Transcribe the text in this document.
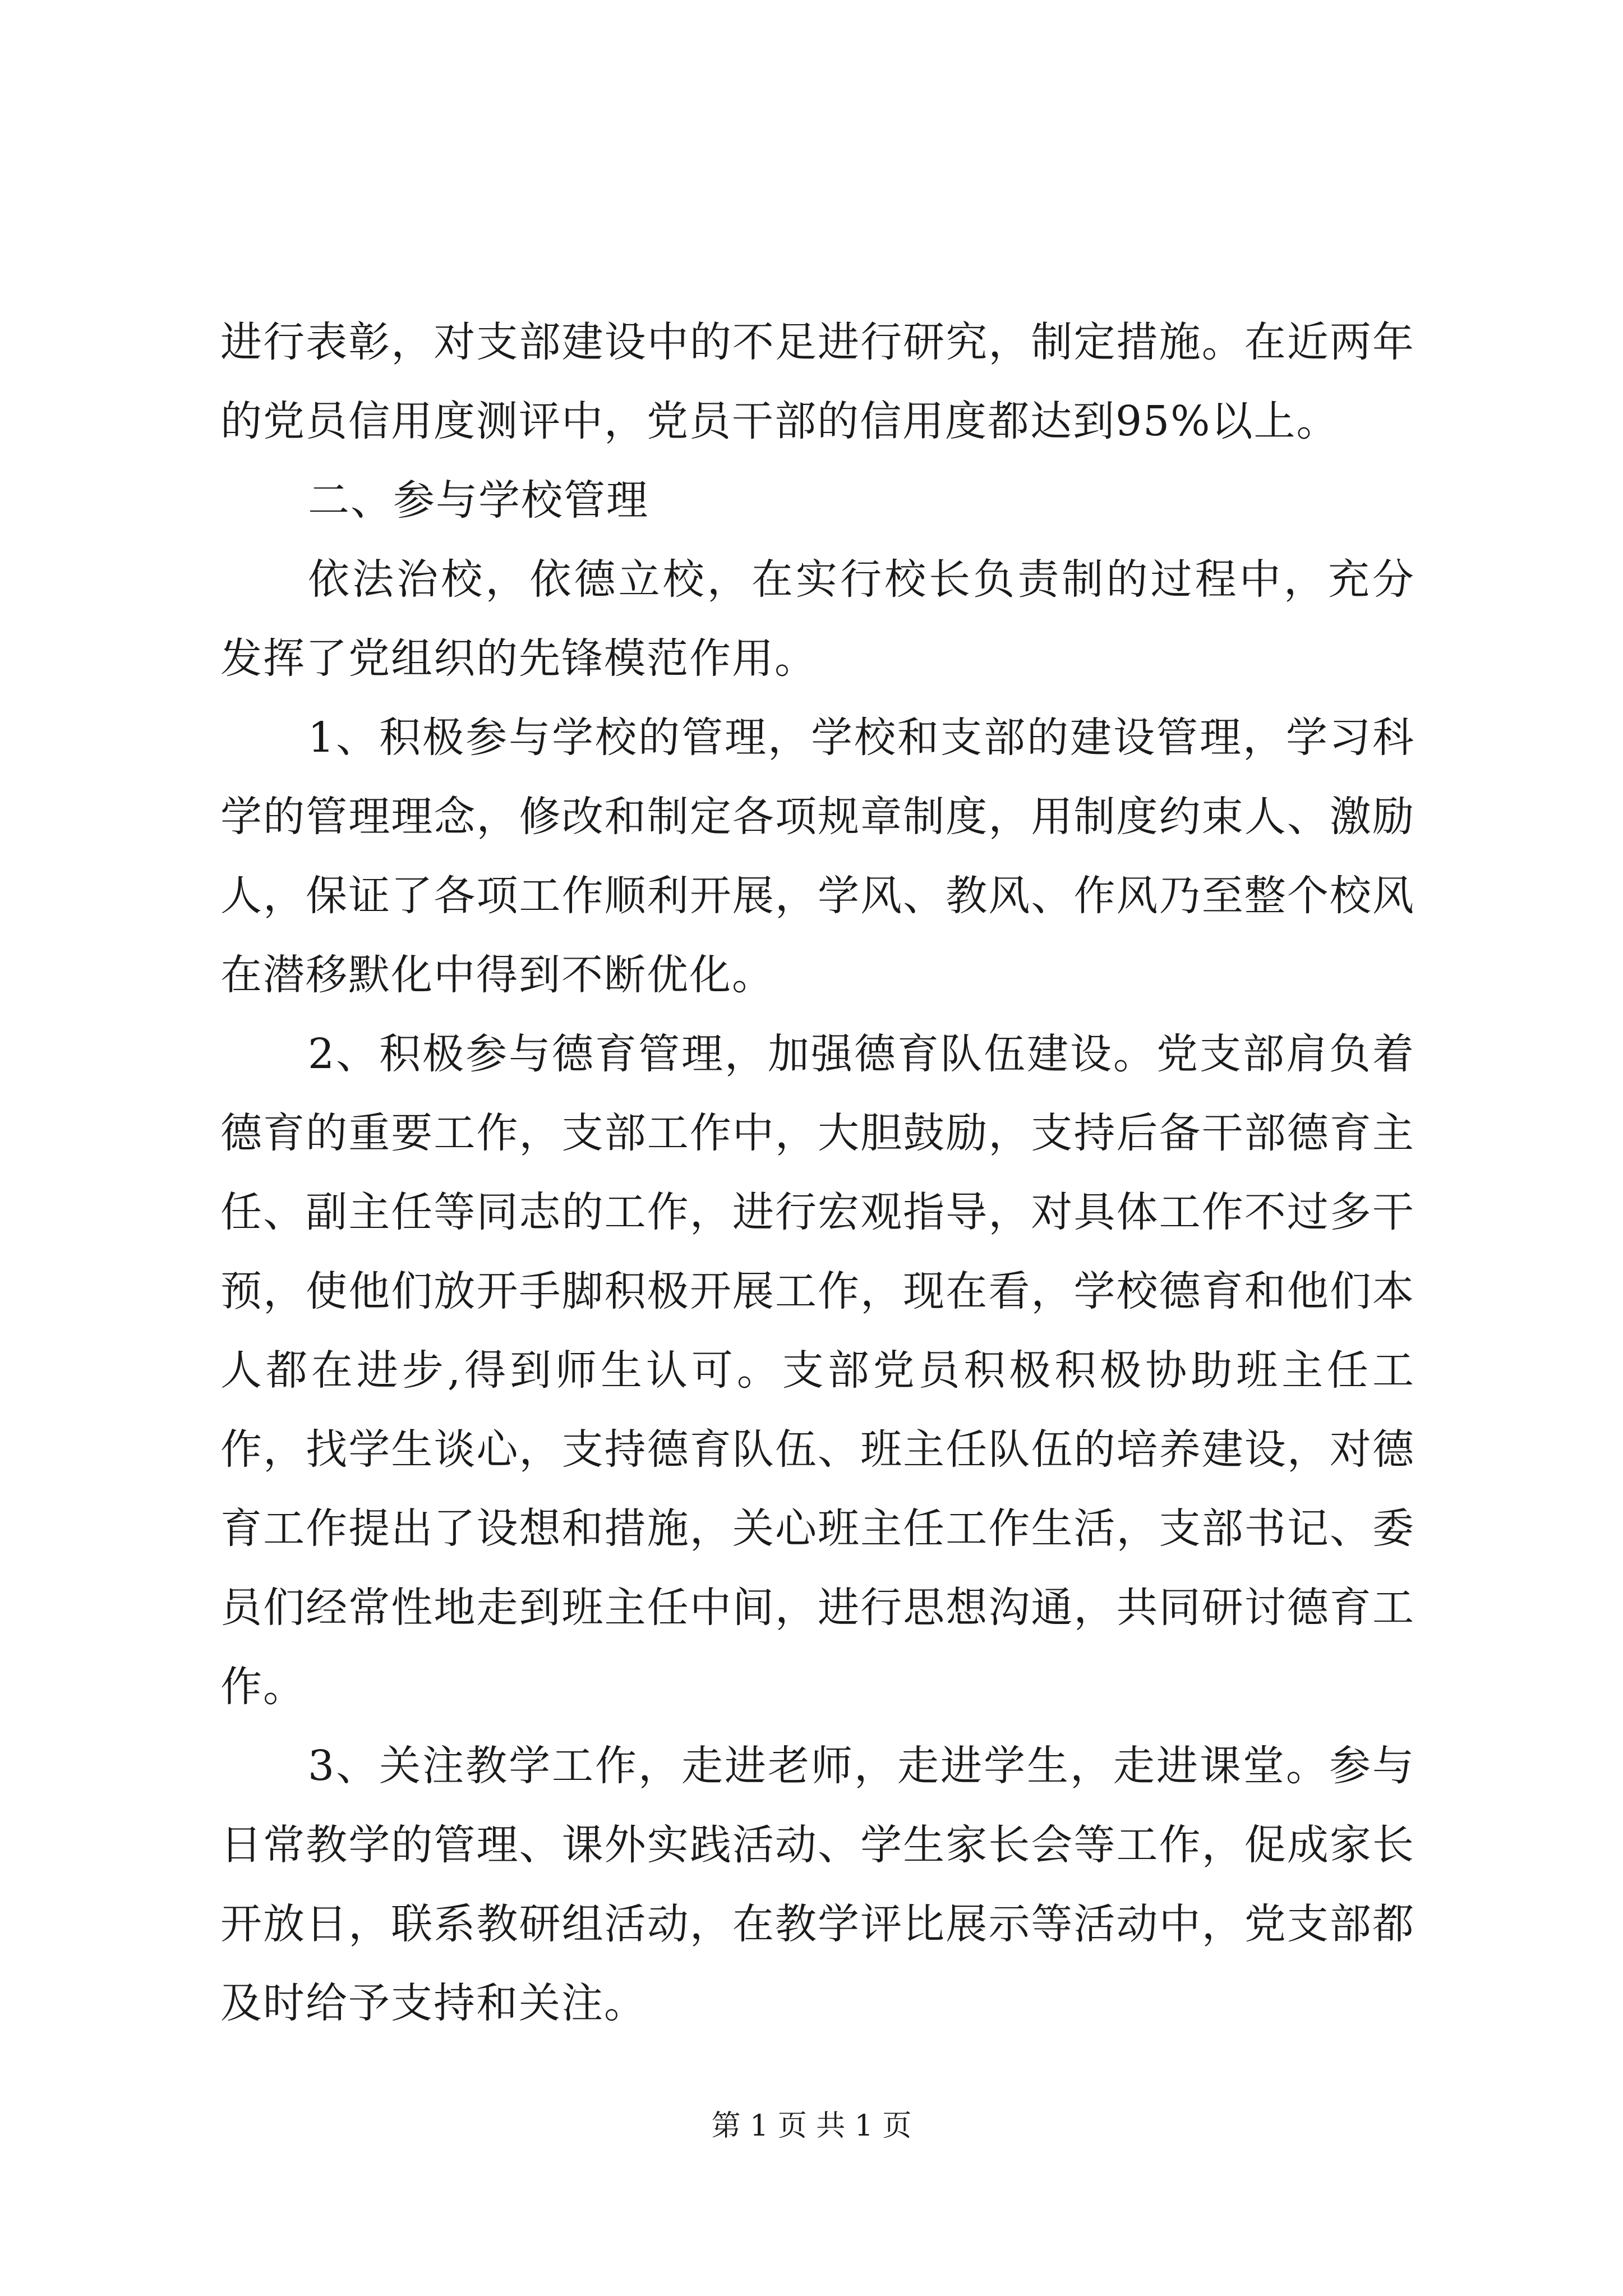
进行表彰，对支部建设中的不足进行研究，制定措施。在近两年的党员信用度测评中，党员干部的信用度都达到95%以上。

二、参与学校管理

依法治校，依德立校，在实行校长负责制的过程中，充分发挥了党组织的先锋模范作用。

1、积极参与学校的管理，学校和支部的建设管理，学习科学的管理理念，修改和制定各项规章制度，用制度约束人、激励人，保证了各项工作顺利开展，学风、教风、作风乃至整个校风在潜移默化中得到不断优化。

2、积极参与德育管理，加强德育队伍建设。党支部肩负着德育的重要工作，支部工作中，大胆鼓励，支持后备干部德育主任、副主任等同志的工作，进行宏观指导，对具体工作不过多干预，使他们放开手脚积极开展工作，现在看，学校德育和他们本人都在进步,得到师生认可。支部党员积极积极协助班主任工作，找学生谈心，支持德育队伍、班主任队伍的培养建设，对德育工作提出了设想和措施，关心班主任工作生活，支部书记、委员们经常性地走到班主任中间，进行思想沟通，共同研讨德育工作。

3、关注教学工作，走进老师，走进学生，走进课堂。参与日常教学的管理、课外实践活动、学生家长会等工作，促成家长开放日，联系教研组活动，在教学评比展示等活动中，党支部都及时给予支持和关注。

第 1 页 共 1 页
